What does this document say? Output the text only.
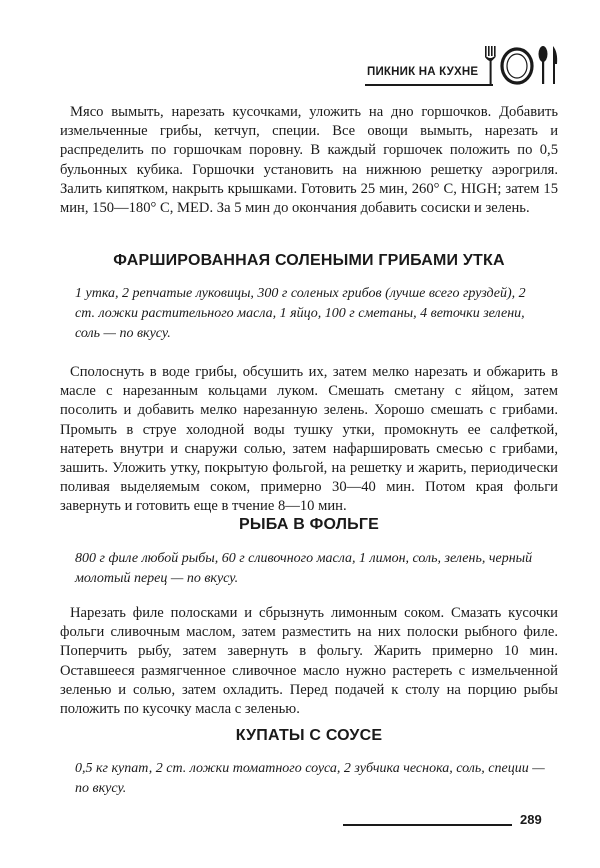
ПИКНИК НА КУХНЕ

Мясо вымыть, нарезать кусочками, уложить на дно горшочков. Добавить измельченные грибы, кетчуп, специи. Все овощи вымыть, нарезать и распределить по горшочкам поровну. В каждый горшочек положить по 0,5 бульонных кубика. Горшочки установить на нижнюю решетку аэрогриля. Залить кипятком, накрыть крышками. Готовить 25 мин, 260° С, HIGH; затем 15 мин, 150—180° С, MED. За 5 мин до окончания добавить сосиски и зелень.

ФАРШИРОВАННАЯ СОЛЕНЫМИ ГРИБАМИ УТКА

1 утка, 2 репчатые луковицы, 300 г соленых грибов (лучше всего груздей), 2 ст. ложки растительного масла, 1 яйцо, 100 г сметаны, 4 веточки зелени, соль — по вкусу.

Сполоснуть в воде грибы, обсушить их, затем мелко нарезать и обжарить в масле с нарезанным кольцами луком. Смешать сметану с яйцом, затем посолить и добавить мелко нарезанную зелень. Хорошо смешать с грибами. Промыть в струе холодной воды тушку утки, промокнуть ее салфеткой, натереть внутри и снаружи солью, затем нафаршировать смесью с грибами, зашить. Уложить утку, покрытую фольгой, на решетку и жарить, периодически поливая выделяемым соком, примерно 30—40 мин. Потом края фольги завернуть и готовить еще в тчение 8—10 мин.

РЫБА В ФОЛЬГЕ

800 г филе любой рыбы, 60 г сливочного масла, 1 лимон, соль, зелень, черный молотый перец — по вкусу.

Нарезать филе полосками и сбрызнуть лимонным соком. Смазать кусочки фольги сливочным маслом, затем разместить на них полоски рыбного филе. Поперчить рыбу, затем завернуть в фольгу. Жарить примерно 10 мин. Оставшееся размягченное сливочное масло нужно растереть с измельченной зеленью и солью, затем охладить. Перед подачей к столу на порцию рыбы положить по кусочку масла с зеленью.

КУПАТЫ С СОУСЕ

0,5 кг купат, 2 ст. ложки томатного соуса, 2 зубчика чеснока, соль, специи — по вкусу.

289
